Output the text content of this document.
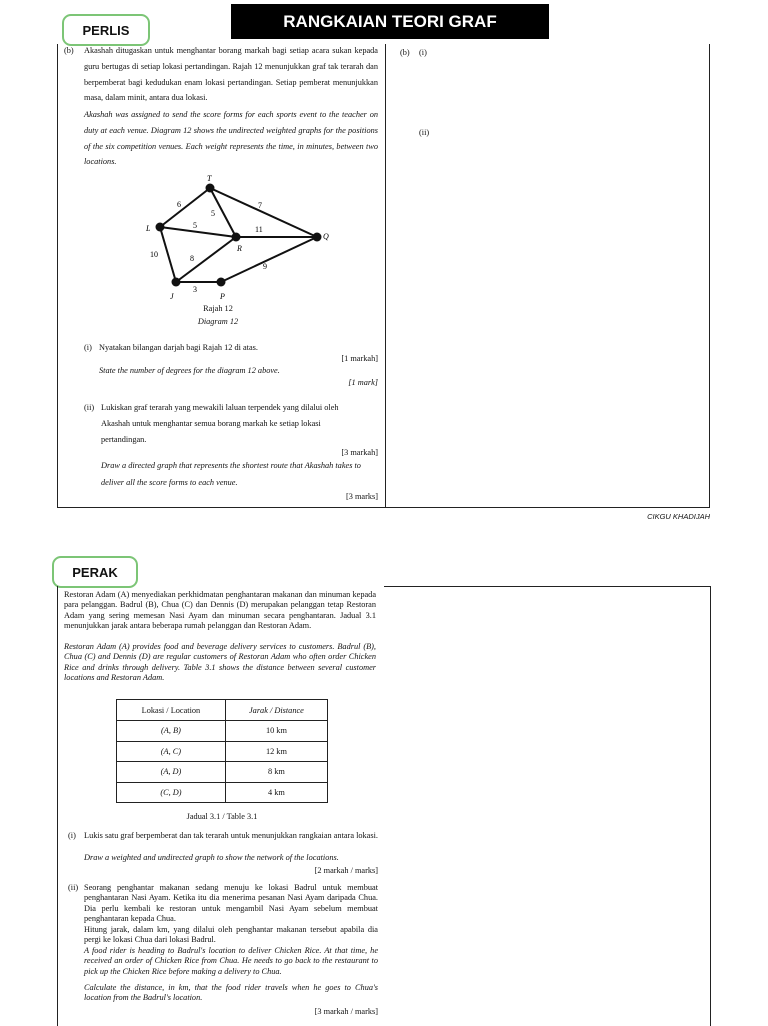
RANGKAIAN TEORI GRAF
PERLIS
(b)	Akashah ditugaskan untuk menghantar borang markah bagi setiap acara sukan kepada guru bertugas di setiap lokasi pertandingan. Rajah 12 menunjukkan graf tak terarah dan berpemberat bagi kedudukan enam lokasi pertandingan. Setiap pemberat menunjukkan masa, dalam minit, antara dua lokasi.
Akashah was assigned to send the score forms for each sports event to the teacher on duty at each venue. Diagram 12 shows the undirected weighted graphs for the positions of the six competition venues. Each weight represents the time, in minutes, between two locations.
T
L
R
Q
J	P
6
5
7
5	11
10	8
9
3
Rajah 12
Diagram 12
(i) Nyatakan bilangan darjah bagi Rajah 12 di atas.
[1 markah]
State the number of degrees for the diagram 12 above.
[1 mark]
(ii) Lukiskan graf terarah yang mewakili laluan terpendek yang dilalui oleh Akashah untuk menghantar semua borang markah ke setiap lokasi pertandingan.
[3 markah]
Draw a directed graph that represents the shortest route that Akashah takes to deliver all the score forms to each venue.
[3 marks]
(b) (i)
(ii)
CIKGU KHADIJAH
PERAK
Restoran Adam (A) menyediakan perkhidmatan penghantaran makanan dan minuman kepada para pelanggan. Badrul (B), Chua (C) dan Dennis (D) merupakan pelanggan tetap Restoran Adam yang sering memesan Nasi Ayam dan minuman secara penghantaran. Jadual 3.1 menunjukkan jarak antara beberapa rumah pelanggan dan Restoran Adam.
Restoran Adam (A) provides food and beverage delivery services to customers. Badrul (B), Chua (C) and Dennis (D) are regular customers of Restoran Adam who often order Chicken Rice and drinks through delivery. Table 3.1 shows the distance between several customer locations and Restoran Adam.
Lokasi / Location	Jarak / Distance
(A, B)	10 km
(A, C)	12 km
(A, D)	8 km
(C, D)	4 km
Jadual 3.1 / Table 3.1
(i) Lukis satu graf berpemberat dan tak terarah untuk menunjukkan rangkaian antara lokasi.
Draw a weighted and undirected graph to show the network of the locations.
[2 markah / marks]
(ii) Seorang penghantar makanan sedang menuju ke lokasi Badrul untuk membuat penghantaran Nasi Ayam. Ketika itu dia menerima pesanan Nasi Ayam daripada Chua. Dia perlu kembali ke restoran untuk mengambil Nasi Ayam sebelum membuat penghantaran kepada Chua.
Hitung jarak, dalam km, yang dilalui oleh penghantar makanan tersebut apabila dia pergi ke lokasi Chua dari lokasi Badrul.
A food rider is heading to Badrul's location to deliver Chicken Rice. At that time, he received an order of Chicken Rice from Chua. He needs to go back to the restaurant to pick up the Chicken Rice before making a delivery to Chua.
Calculate the distance, in km, that the food rider travels when he goes to Chua's location from the Badrul's location.
[3 markah / marks]
